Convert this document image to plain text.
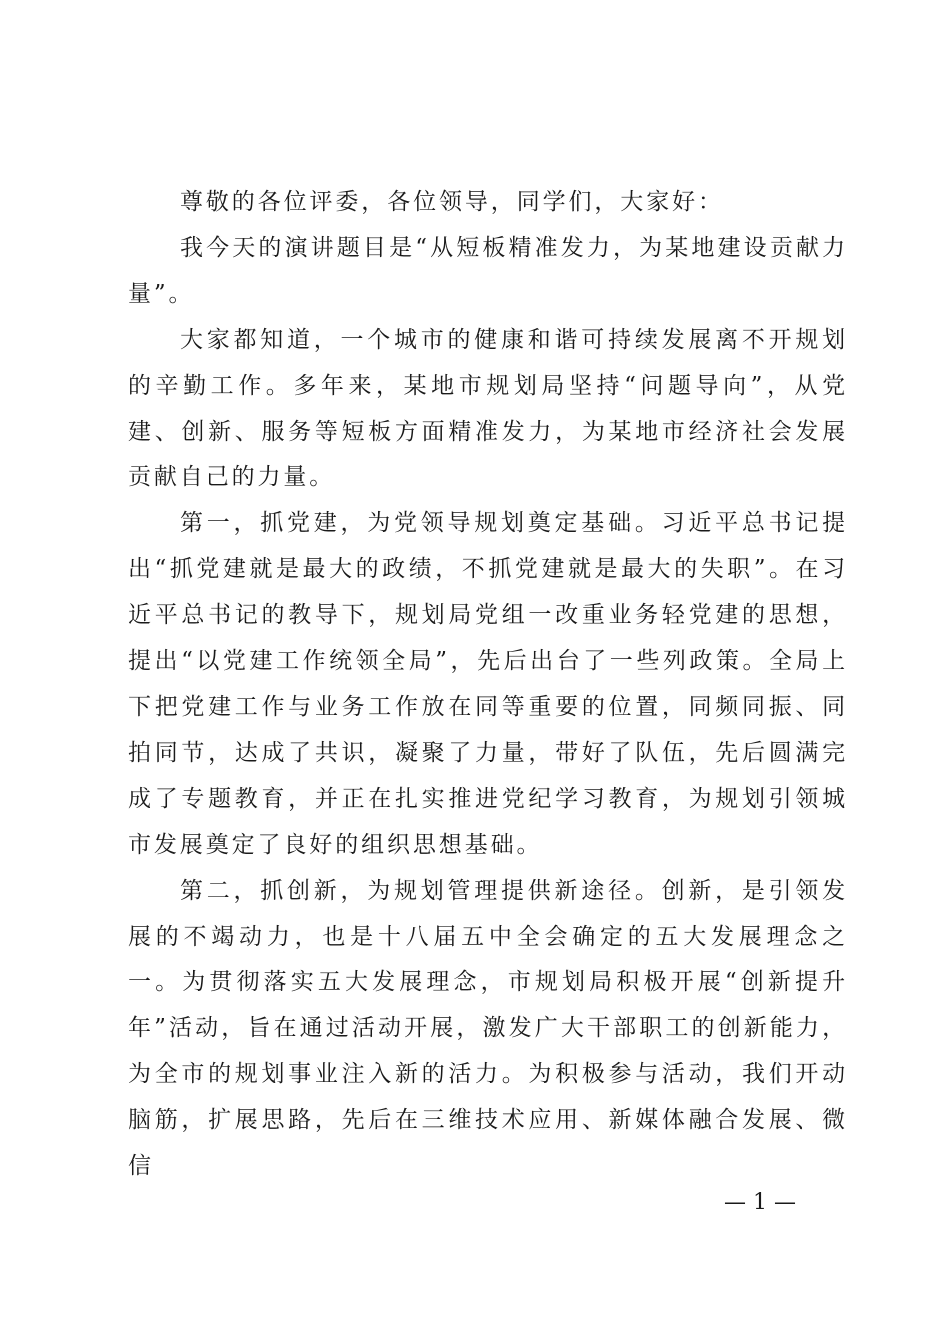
尊敬的各位评委，各位领导，同学们，大家好：

我今天的演讲题目是“从短板精准发力，为某地建设贡献力量”。

大家都知道，一个城市的健康和谐可持续发展离不开规划的辛勤工作。多年来，某地市规划局坚持“问题导向”，从党建、创新、服务等短板方面精准发力，为某地市经济社会发展贡献自己的力量。

第一，抓党建，为党领导规划奠定基础。习近平总书记提出“抓党建就是最大的政绩，不抓党建就是最大的失职”。在习近平总书记的教导下，规划局党组一改重业务轻党建的思想，提出“以党建工作统领全局”，先后出台了一些列政策。全局上下把党建工作与业务工作放在同等重要的位置，同频同振、同拍同节，达成了共识，凝聚了力量，带好了队伍，先后圆满完成了专题教育，并正在扎实推进党纪学习教育，为规划引领城市发展奠定了良好的组织思想基础。

第二，抓创新，为规划管理提供新途径。创新，是引领发展的不竭动力，也是十八届五中全会确定的五大发展理念之一。为贯彻落实五大发展理念，市规划局积极开展“创新提升年”活动，旨在通过活动开展，激发广大干部职工的创新能力，为全市的规划事业注入新的活力。为积极参与活动，我们开动脑筋，扩展思路，先后在三维技术应用、新媒体融合发展、微信

— 1 —
